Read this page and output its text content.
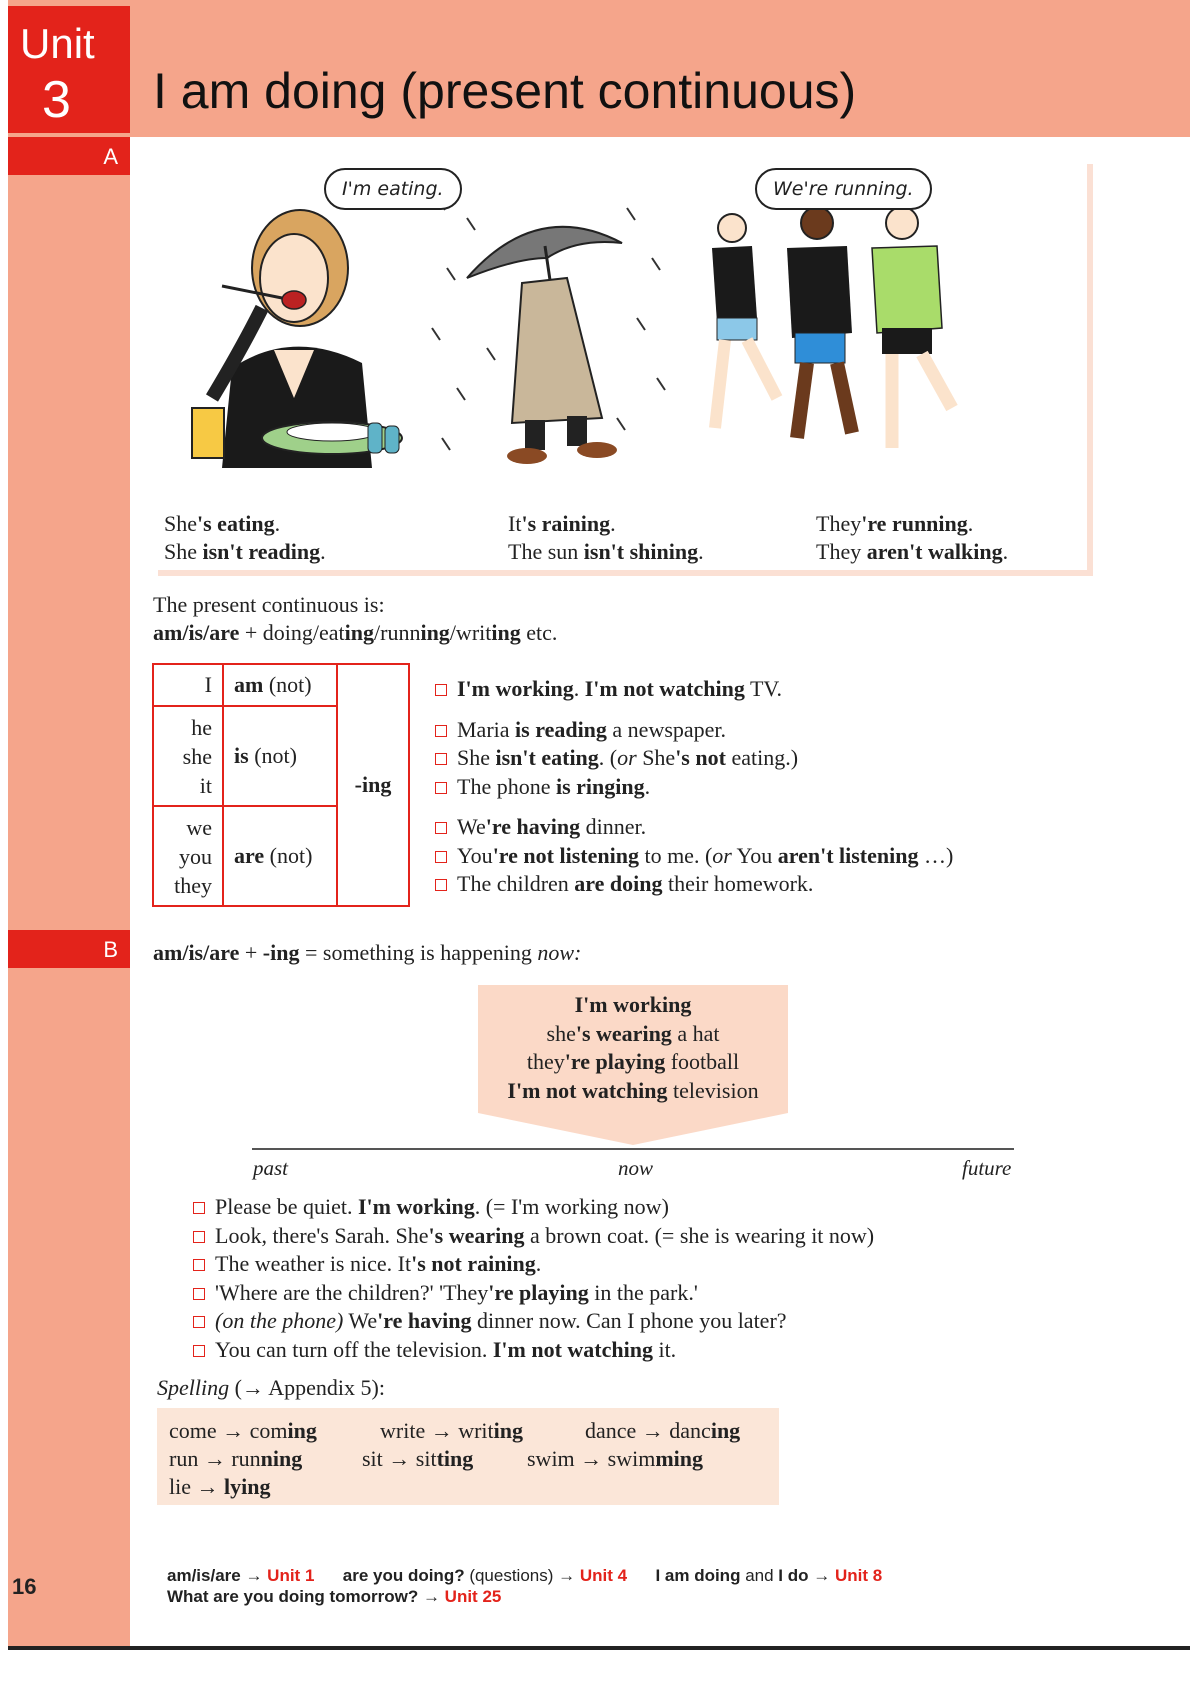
Unit
3 I am doing (present continuous)
A
B
I'm eating.	We're running.
She's eating.
She isn't reading.
It's raining.
The sun isn't shining.
They're running.
They aren't walking.
The present continuous is:
am/is/are + doing/eating/running/writing etc.
I	am (not)	-ing

he
she
it	is (not)	

we
you
they	are (not)	
I'm working. I'm not watching TV.
Maria is reading a newspaper.
She isn't eating. (or She's not eating.)
The phone is ringing.
We're having dinner.
You're not listening to me. (or You aren't listening …)
The children are doing their homework.
am/is/are + -ing = something is happening now:
I'm working
she's wearing a hat
they're playing football
I'm not watching television
past	now	future
Please be quiet. I'm working. (= I'm working now)
Look, there's Sarah. She's wearing a brown coat. (= she is wearing it now)
The weather is nice. It's not raining.
'Where are the children?' 'They're playing in the park.'
(on the phone) We're having dinner now. Can I phone you later?
You can turn off the television. I'm not watching it.
Spelling (→ Appendix 5):
come → coming	write → writing	dance → dancing
run → running	sit → sitting swim → swimming
lie → lying
am/is/are → Unit 1 are you doing? (questions) → Unit 4 I am doing and I do → Unit 8
What are you doing tomorrow? → Unit 25
16
